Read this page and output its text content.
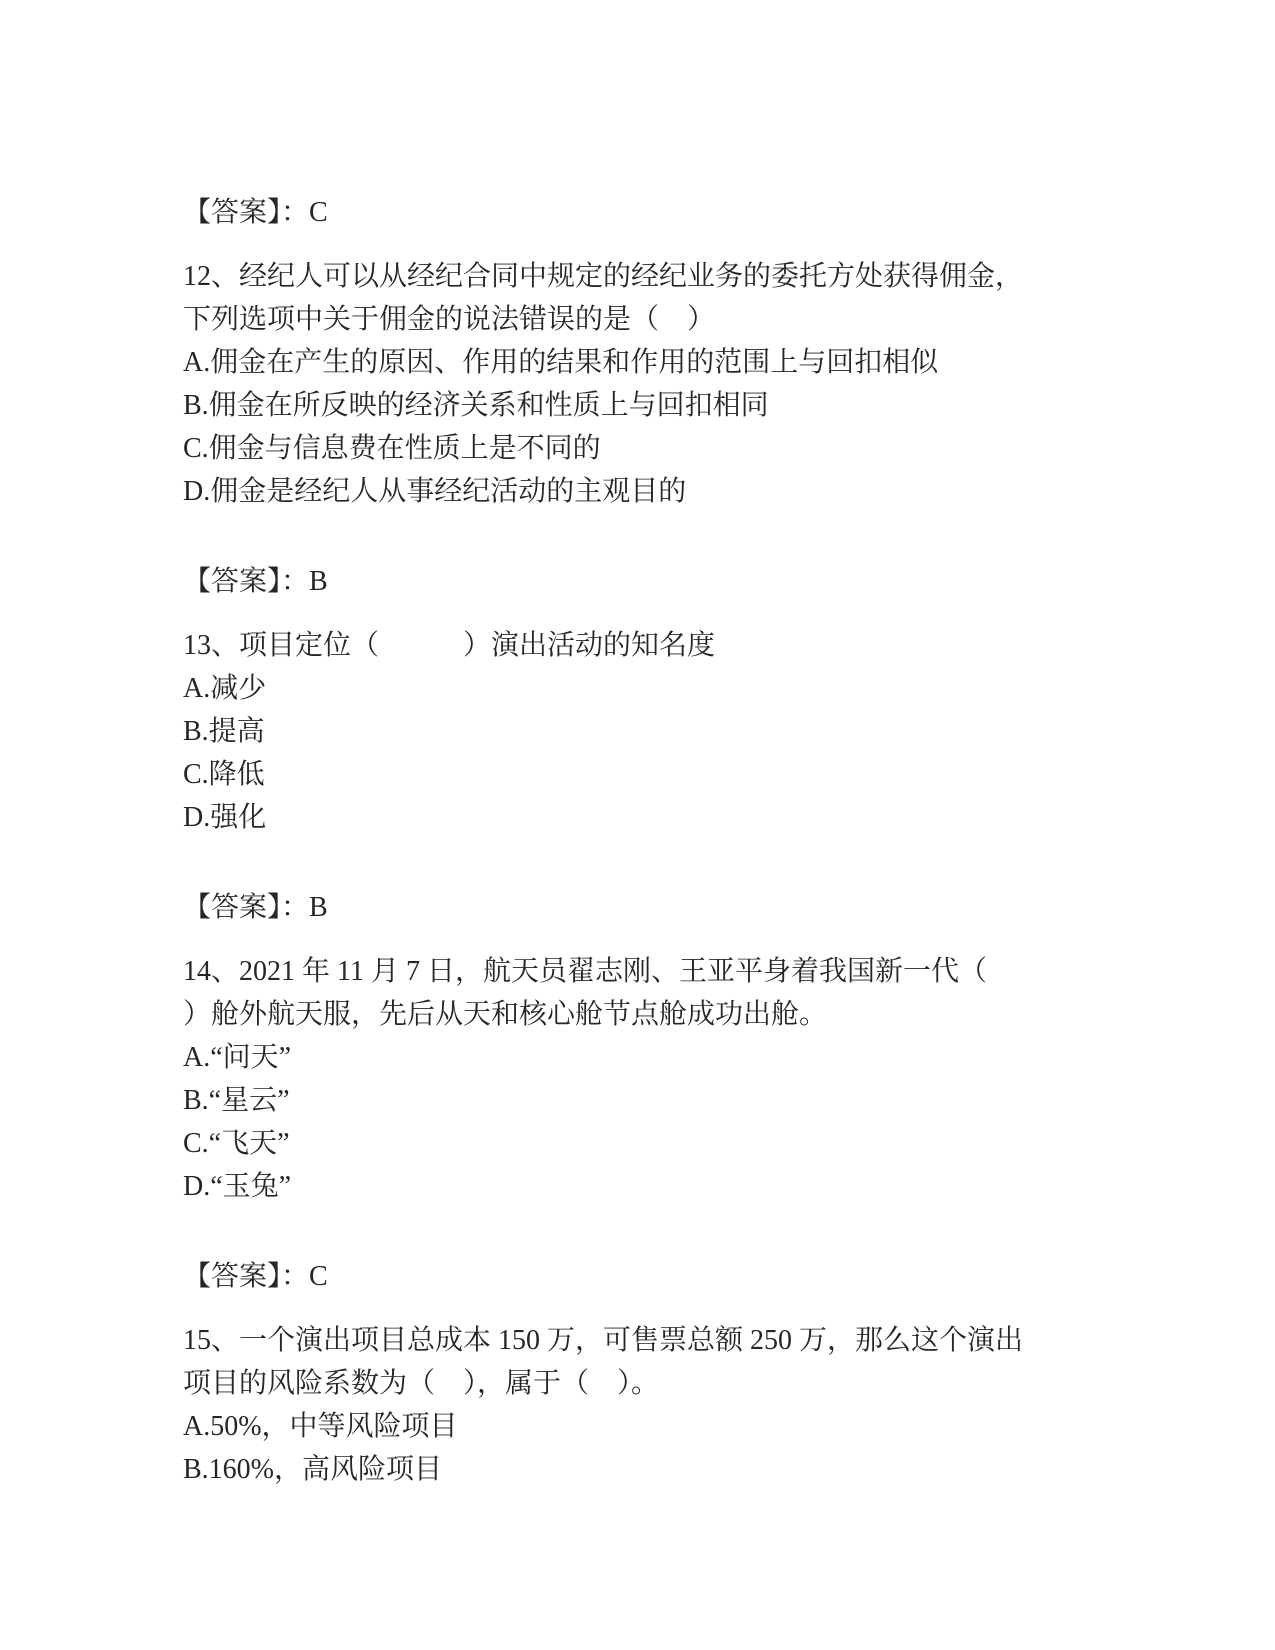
【答案】：C

12、经纪人可以从经纪合同中规定的经纪业务的委托方处获得佣金，

下列选项中关于佣金的说法错误的是（　）

A.佣金在产生的原因、作用的结果和作用的范围上与回扣相似

B.佣金在所反映的经济关系和性质上与回扣相同

C.佣金与信息费在性质上是不同的

D.佣金是经纪人从事经纪活动的主观目的

【答案】：B

13、项目定位（　　　）演出活动的知名度

A.减少

B.提高

C.降低

D.强化

【答案】：B

14、2021 年 11 月 7 日，航天员翟志刚、王亚平身着我国新一代（

）舱外航天服，先后从天和核心舱节点舱成功出舱。

A.“问天”

B.“星云”

C.“飞天”

D.“玉兔”

【答案】：C

15、一个演出项目总成本 150 万，可售票总额 250 万，那么这个演出

项目的风险系数为（　），属于（　）。

A.50%，中等风险项目

B.160%，高风险项目
